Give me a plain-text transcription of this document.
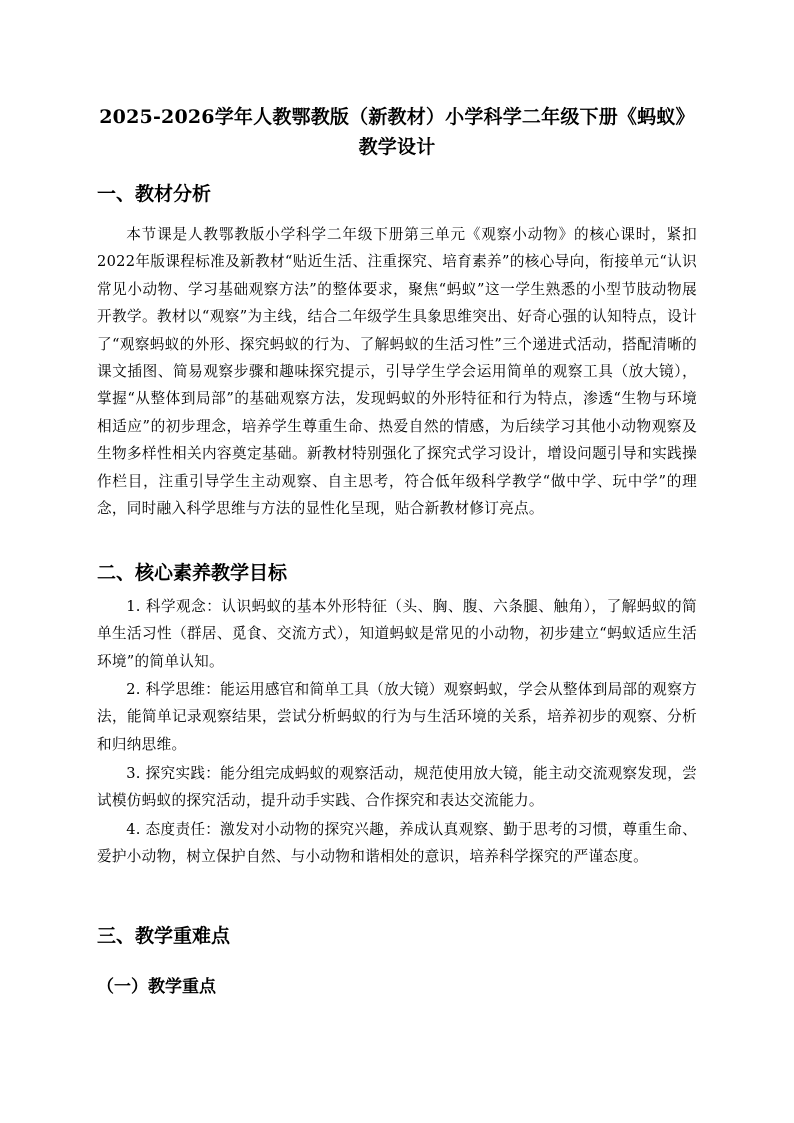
2025-2026学年人教鄂教版（新教材）小学科学二年级下册《蚂蚁》教学设计
一、教材分析
本节课是人教鄂教版小学科学二年级下册第三单元《观察小动物》的核心课时，紧扣2022年版课程标准及新教材“贴近生活、注重探究、培育素养”的核心导向，衔接单元“认识常见小动物、学习基础观察方法”的整体要求，聚焦“蚂蚁”这一学生熟悉的小型节肢动物展开教学。教材以“观察”为主线，结合二年级学生具象思维突出、好奇心强的认知特点，设计了“观察蚂蚁的外形、探究蚂蚁的行为、了解蚂蚁的生活习性”三个递进式活动，搭配清晰的课文插图、简易观察步骤和趣味探究提示，引导学生学会运用简单的观察工具（放大镜），掌握“从整体到局部”的基础观察方法，发现蚂蚁的外形特征和行为特点，渗透“生物与环境相适应”的初步理念，培养学生尊重生命、热爱自然的情感，为后续学习其他小动物观察及生物多样性相关内容奠定基础。新教材特别强化了探究式学习设计，增设问题引导和实践操作栏目，注重引导学生主动观察、自主思考，符合低年级科学教学“做中学、玩中学”的理念，同时融入科学思维与方法的显性化呈现，贴合新教材修订亮点。
二、核心素养教学目标
1. 科学观念：认识蚂蚁的基本外形特征（头、胸、腹、六条腿、触角），了解蚂蚁的简单生活习性（群居、觅食、交流方式），知道蚂蚁是常见的小动物，初步建立“蚂蚁适应生活环境”的简单认知。
2. 科学思维：能运用感官和简单工具（放大镜）观察蚂蚁，学会从整体到局部的观察方法，能简单记录观察结果，尝试分析蚂蚁的行为与生活环境的关系，培养初步的观察、分析和归纳思维。
3. 探究实践：能分组完成蚂蚁的观察活动，规范使用放大镜，能主动交流观察发现，尝试模仿蚂蚁的探究活动，提升动手实践、合作探究和表达交流能力。
4. 态度责任：激发对小动物的探究兴趣，养成认真观察、勤于思考的习惯，尊重生命、爱护小动物，树立保护自然、与小动物和谐相处的意识，培养科学探究的严谨态度。
三、教学重难点
（一）教学重点
